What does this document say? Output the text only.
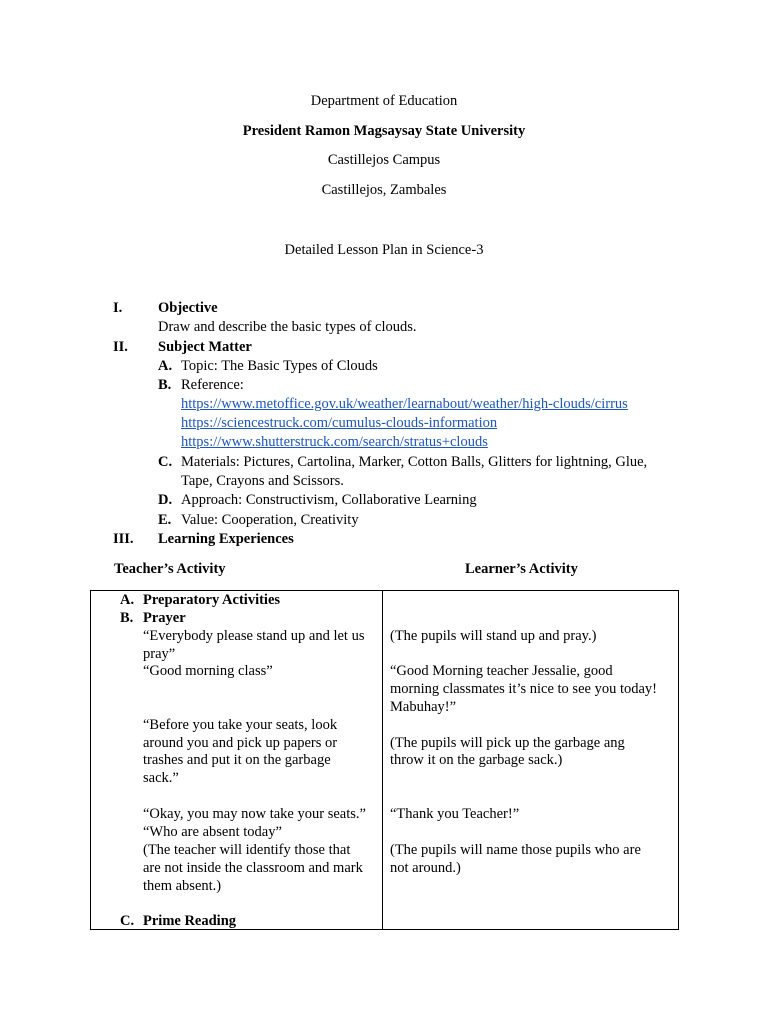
Department of Education
President Ramon Magsaysay State University
Castillejos Campus
Castillejos, Zambales
Detailed Lesson Plan in Science-3
I. Objective
Draw and describe the basic types of clouds.
II. Subject Matter
A. Topic: The Basic Types of Clouds
B. Reference:
https://www.metoffice.gov.uk/weather/learnabout/weather/high-clouds/cirrus
https://sciencestruck.com/cumulus-clouds-information
https://www.shutterstruck.com/search/stratus+clouds
C. Materials: Pictures, Cartolina, Marker, Cotton Balls, Glitters for lightning, Glue,
Tape, Crayons and Scissors.
D. Approach: Constructivism, Collaborative Learning
E. Value: Cooperation, Creativity
III. Learning Experiences
Teacher’s Activity	Learner’s Activity
A. Preparatory Activities
B. Prayer
“Everybody please stand up and let us
pray”
“Good morning class”
“Before you take your seats, look
around you and pick up papers or
trashes and put it on the garbage
sack.”
“Okay, you may now take your seats.”
“Who are absent today”
(The teacher will identify those that
are not inside the classroom and mark
them absent.)
C. Prime Reading
(The pupils will stand up and pray.)
“Good Morning teacher Jessalie, good
morning classmates it’s nice to see you today!
Mabuhay!”
(The pupils will pick up the garbage ang
throw it on the garbage sack.)
“Thank you Teacher!”
(The pupils will name those pupils who are
not around.)
